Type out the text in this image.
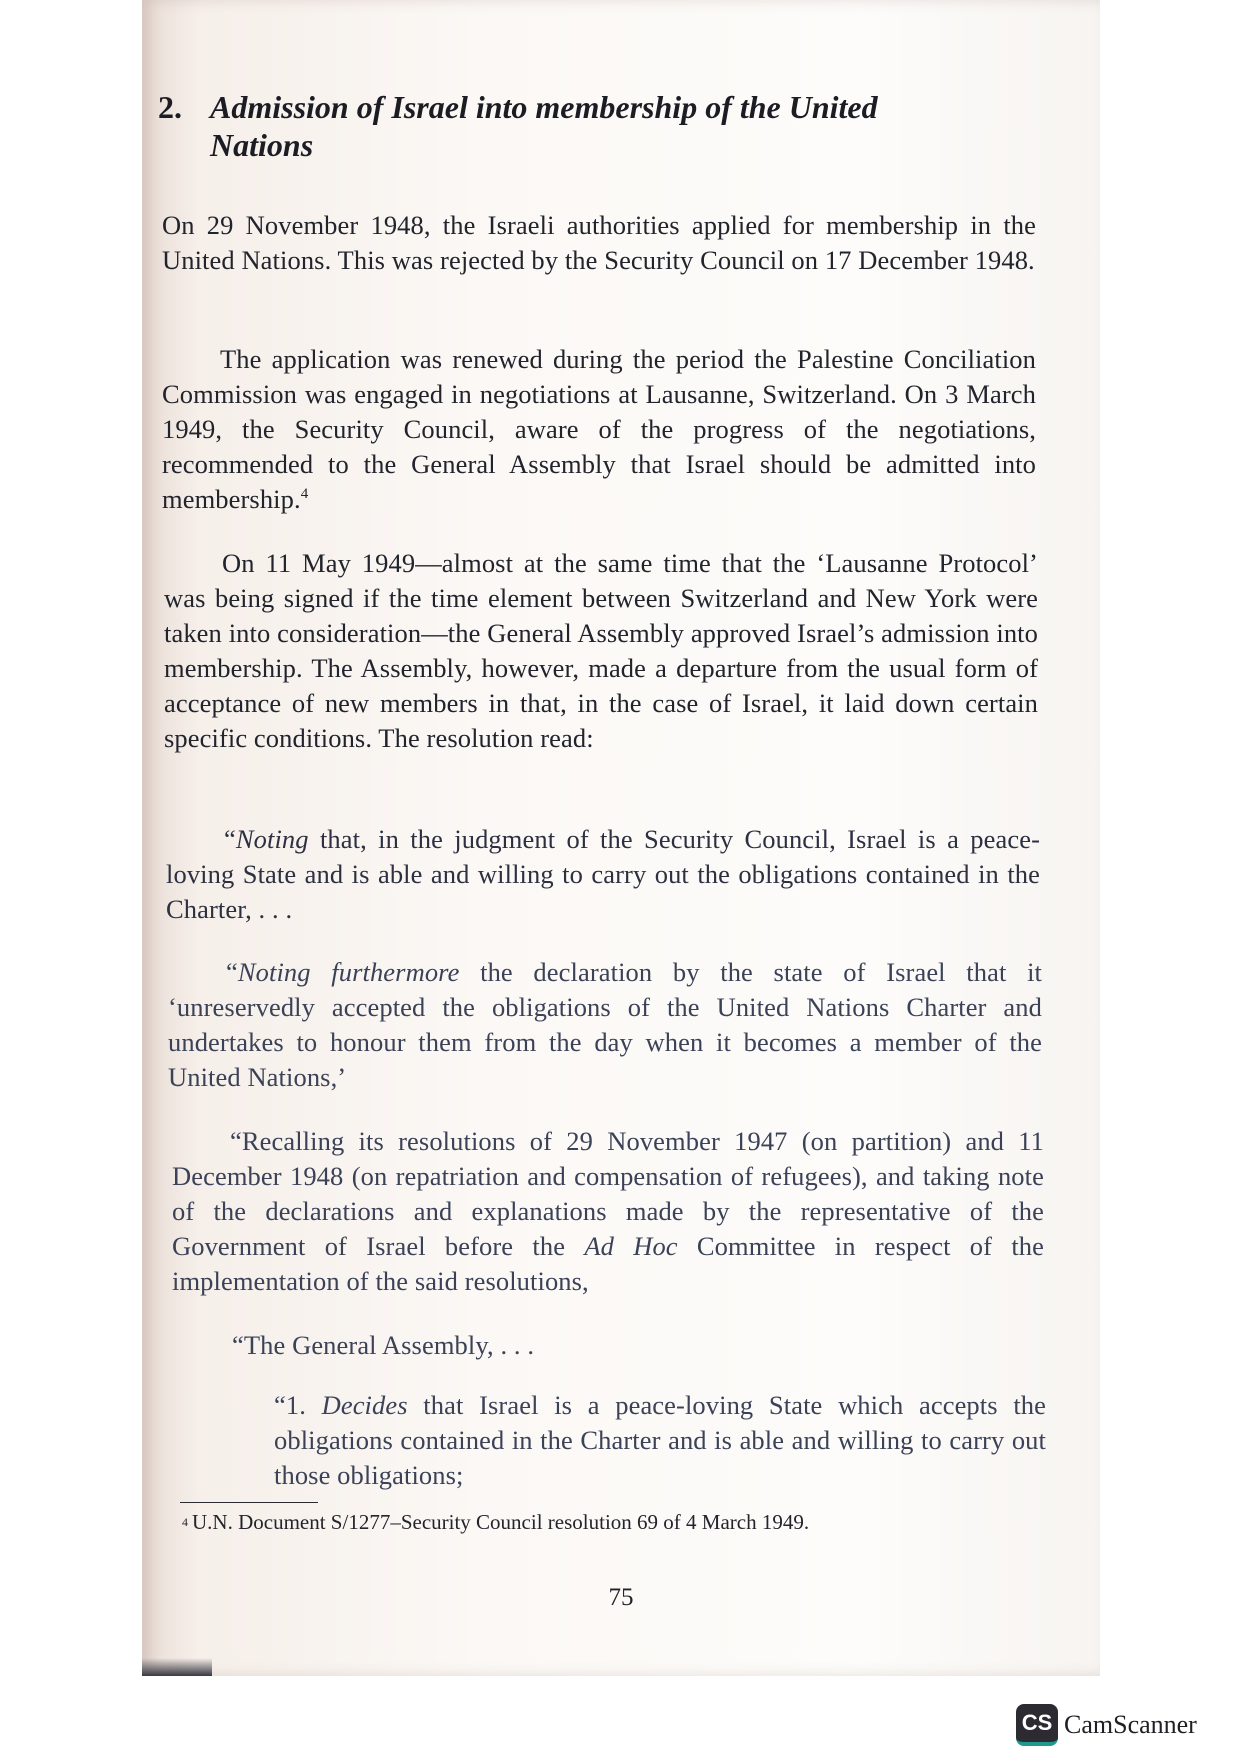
2. Admission of Israel into membership of the United Nations

On 29 November 1948, the Israeli authorities applied for membership in the United Nations. This was rejected by the Security Council on 17 December 1948.

The application was renewed during the period the Palestine Conciliation Commission was engaged in negotiations at Lausanne, Switzerland. On 3 March 1949, the Security Council, aware of the progress of the negotiations, recommended to the General Assembly that Israel should be admitted into membership.$^4$

On 11 May 1949—almost at the same time that the ‘Lausanne Protocol’ was being signed if the time element between Switzerland and New York were taken into consideration—the General Assembly approved Israel’s admission into membership. The Assembly, however, made a departure from the usual form of acceptance of new members in that, in the case of Israel, it laid down certain specific conditions. The resolution read:

“Noting that, in the judgment of the Security Council, Israel is a peace-loving State and is able and willing to carry out the obligations contained in the Charter, . . .

“Noting furthermore the declaration by the state of Israel that it ‘unreservedly accepted the obligations of the United Nations Charter and undertakes to honour them from the day when it becomes a member of the United Nations,’

“Recalling its resolutions of 29 November 1947 (on partition) and 11 December 1948 (on repatriation and compensation of refugees), and taking note of the declarations and explanations made by the representative of the Government of Israel before the Ad Hoc Committee in respect of the implementation of the said resolutions,

“The General Assembly, . . .

“1. Decides that Israel is a peace-loving State which accepts the obligations contained in the Charter and is able and willing to carry out those obligations;

$^4$ U.N. Document S/1277–Security Council resolution 69 of 4 March 1949.
75
CS CamScanner
